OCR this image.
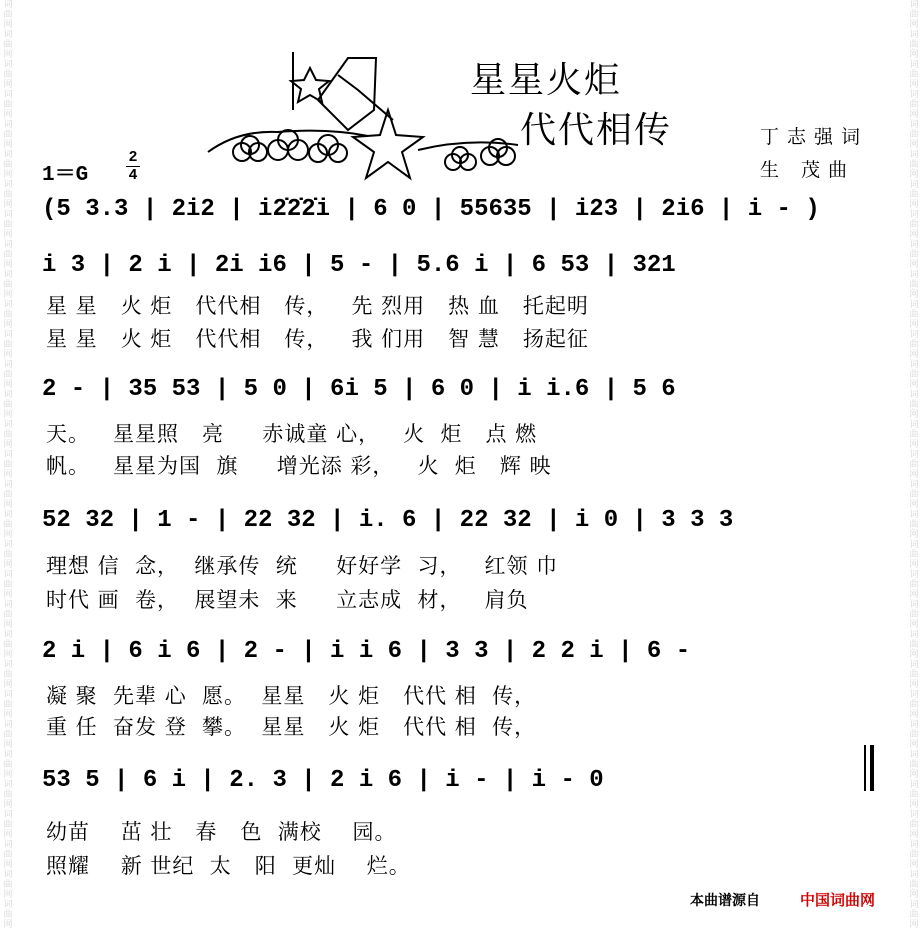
词曲网词曲网词曲网词曲网词曲网词曲网词曲网词曲网词曲网词曲网词曲网词曲网词曲网词曲网词曲网词曲网词曲网词曲网词曲网词曲网词曲网词曲网词曲网词曲网词曲网词曲网词曲网词曲网词曲网词曲网词曲网
词曲网词曲网词曲网词曲网词曲网词曲网词曲网词曲网词曲网词曲网词曲网词曲网词曲网词曲网词曲网词曲网词曲网词曲网词曲网词曲网词曲网词曲网词曲网词曲网词曲网词曲网词曲网词曲网词曲网词曲网词曲网
星星火炬
代代相传	丁志强词
生 茂曲
1＝G
2
4
(5 3.3 | 2i2 | i2̇2̇2̇i | 6 0 | 55635 | i23 | 2i6 | i - )
i 3 | 2 i | 2i i6 | 5 - | 5.6 i | 6 53 | 321
星 星   火 炬   代代相   传，   先 烈用   热 血   托起明
星 星   火 炬   代代相   传，   我 们用   智 慧   扬起征
2 - | 35 53 | 5 0 | 6i 5 | 6 0 | i i.6 | 5 6
天。   星星照   亮     赤诚童 心，   火  炬   点 燃
帆。   星星为国  旗     增光添 彩，   火  炬   辉 映
52 32 | 1 - | 22 32 | i. 6 | 22 32 | i 0 | 3 3 3
理想 信  念，  继承传  统     好好学  习，   红领 巾
时代 画  卷，  展望未  来     立志成  材，   肩负
2 i | 6 i 6 | 2 - | i i 6 | 3 3 | 2 2 i | 6 -
凝 聚  先辈 心  愿。  星星   火 炬   代代 相  传，
重 任  奋发 登  攀。  星星   火 炬   代代 相  传，
53 5 | 6 i | 2. 3 | 2 i 6 | i - | i - 0
幼苗    茁 壮   春   色  满校    园。
照耀    新 世纪  太   阳  更灿    烂。
本曲谱源自	中国词曲网
